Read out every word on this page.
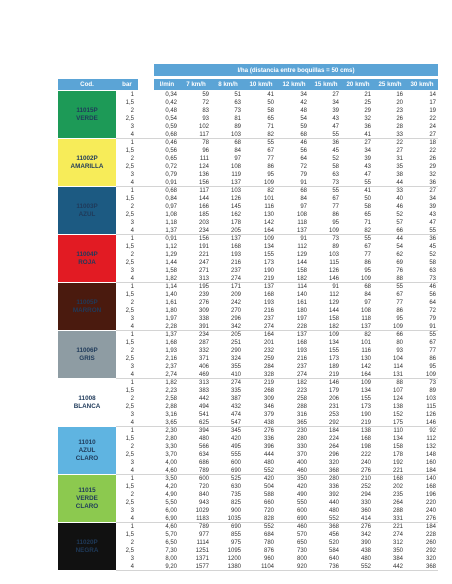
l/ha (distancia entre boquillas = 50 cms)
Cod.	bar	l/min	7 km/h	8 km/h	10 km/h	12 km/h	15 km/h	20 km/h	25 km/h	30 km/h
11015P
VERDE
1	0,34	59	51	41	34	27	21	16	14
1,5	0,42	72	63	50	42	34	25	20	17
2	0,48	83	73	58	48	39	29	23	19
2,5	0,54	93	81	65	54	43	32	26	22
3	0,59	102	89	71	59	47	36	28	24
4	0,68	117	103	82	68	55	41	33	27
11002P
AMARILLA
1	0,46	78	68	55	46	36	27	22	18
1,5	0,56	96	84	67	56	45	34	27	22
2	0,65	111	97	77	64	52	39	31	26
2,5	0,72	124	108	86	72	58	43	35	29
3	0,79	136	119	95	79	63	47	38	32
4	0,91	156	137	109	91	73	55	44	36
11003P
AZUL
1	0,68	117	103	82	68	55	41	33	27
1,5	0,84	144	126	101	84	67	50	40	34
2	0,97	166	145	116	97	77	58	46	39
2,5	1,08	185	162	130	108	86	65	52	43
3	1,18	203	178	142	118	95	71	57	47
4	1,37	234	205	164	137	109	82	66	55
11004P
ROJA
1	0,91	156	137	109	91	73	55	44	36
1,5	1,12	191	168	134	112	89	67	54	45
2	1,29	221	193	155	129	103	77	62	52
2,5	1,44	247	216	173	144	115	86	69	58
3	1,58	271	237	190	158	126	95	76	63
4	1,82	313	274	219	182	146	109	88	73
11005P
MARRON
1	1,14	195	171	137	114	91	68	55	46
1,5	1,40	239	209	168	140	112	84	67	56
2	1,61	276	242	193	161	129	97	77	64
2,5	1,80	309	270	216	180	144	108	86	72
3	1,97	338	296	237	197	158	118	95	79
4	2,28	391	342	274	228	182	137	109	91
11006P
GRIS
1	1,37	234	205	164	137	109	82	66	55
1,5	1,68	287	251	201	168	134	101	80	67
2	1,93	332	290	232	193	155	116	93	77
2,5	2,16	371	324	259	216	173	130	104	86
3	2,37	406	355	284	237	189	142	114	95
4	2,74	469	410	328	274	219	164	131	109
11008
BLANCA
1	1,82	313	274	219	182	146	109	88	73
1,5	2,23	383	335	268	223	179	134	107	89
2	2,58	442	387	309	258	206	155	124	103
2,5	2,88	494	432	346	288	231	173	138	115
3	3,16	541	474	379	316	253	190	152	126
4	3,65	625	547	438	365	292	219	175	146
11010
AZUL
CLARO
1	2,30	394	345	276	230	184	138	110	92
1,5	2,80	480	420	336	280	224	168	134	112
2	3,30	566	495	396	330	264	198	158	132
2,5	3,70	634	555	444	370	296	222	178	148
3	4,00	686	600	480	400	320	240	192	160
4	4,60	789	690	552	460	368	276	221	184
11015
VERDE
CLARO
1	3,50	600	525	420	350	280	210	168	140
1,5	4,20	720	630	504	420	336	252	202	168
2	4,90	840	735	588	490	392	294	235	196
2,5	5,50	943	825	660	550	440	330	264	220
3	6,00	1029	900	720	600	480	360	288	240
4	6,90	1183	1035	828	690	552	414	331	276
11020P
NEGRA
1	4,60	789	690	552	460	368	276	221	184
1,5	5,70	977	855	684	570	456	342	274	228
2	6,50	1114	975	780	650	520	390	312	260
2,5	7,30	1251	1095	876	730	584	438	350	292
3	8,00	1371	1200	960	800	640	480	384	320
4	9,20	1577	1380	1104	920	736	552	442	368
